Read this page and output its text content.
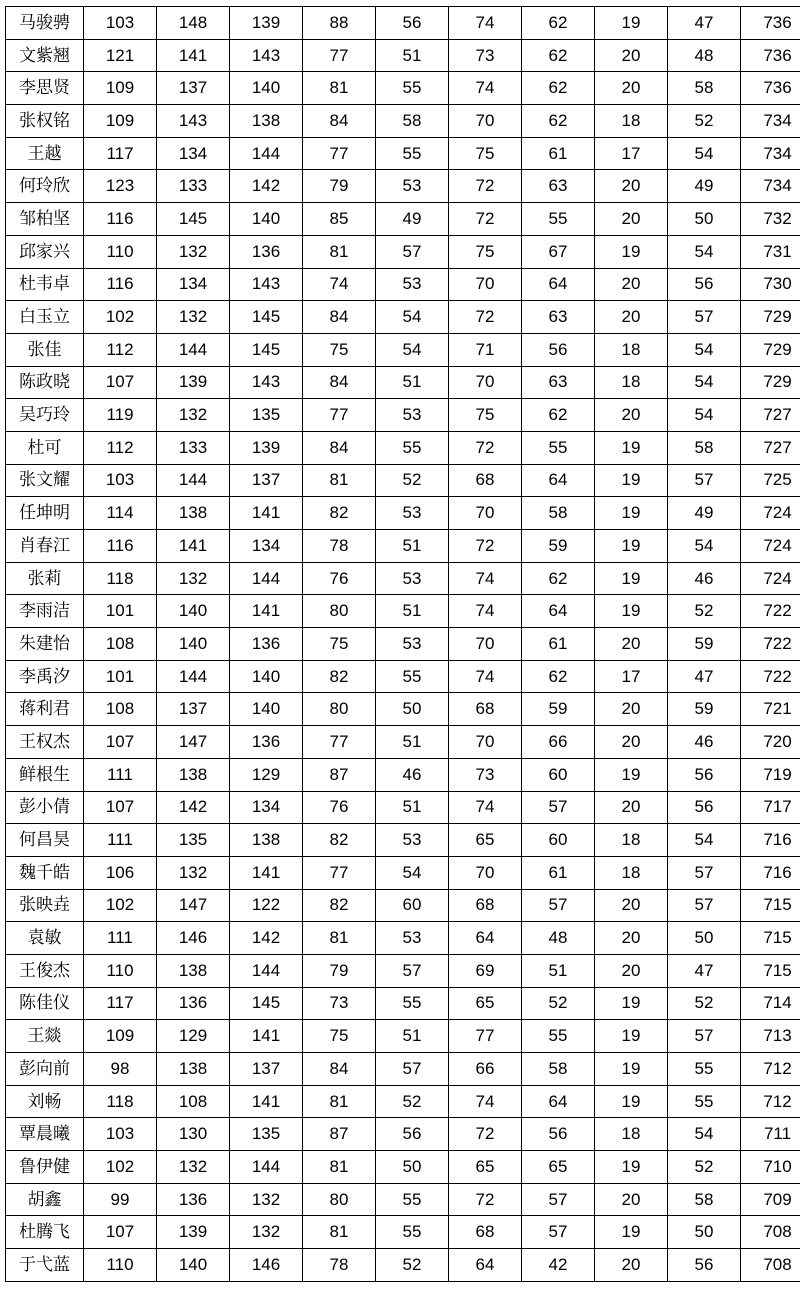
马骏骋	103	148	139	88	56	74	62	19	47	736
文紫翘	121	141	143	77	51	73	62	20	48	736
李思贤	109	137	140	81	55	74	62	20	58	736
张权铭	109	143	138	84	58	70	62	18	52	734
王越	117	134	144	77	55	75	61	17	54	734
何玲欣	123	133	142	79	53	72	63	20	49	734
邹柏坚	116	145	140	85	49	72	55	20	50	732
邱家兴	110	132	136	81	57	75	67	19	54	731
杜韦卓	116	134	143	74	53	70	64	20	56	730
白玉立	102	132	145	84	54	72	63	20	57	729
张佳	112	144	145	75	54	71	56	18	54	729
陈政晓	107	139	143	84	51	70	63	18	54	729
吴巧玲	119	132	135	77	53	75	62	20	54	727
杜可	112	133	139	84	55	72	55	19	58	727
张文耀	103	144	137	81	52	68	64	19	57	725
任坤明	114	138	141	82	53	70	58	19	49	724
肖春江	116	141	134	78	51	72	59	19	54	724
张莉	118	132	144	76	53	74	62	19	46	724
李雨洁	101	140	141	80	51	74	64	19	52	722
朱建怡	108	140	136	75	53	70	61	20	59	722
李禹汐	101	144	140	82	55	74	62	17	47	722
蒋利君	108	137	140	80	50	68	59	20	59	721
王权杰	107	147	136	77	51	70	66	20	46	720
鲜根生	111	138	129	87	46	73	60	19	56	719
彭小倩	107	142	134	76	51	74	57	20	56	717
何昌昊	111	135	138	82	53	65	60	18	54	716
魏千皓	106	132	141	77	54	70	61	18	57	716
张映垚	102	147	122	82	60	68	57	20	57	715
袁敏	111	146	142	81	53	64	48	20	50	715
王俊杰	110	138	144	79	57	69	51	20	47	715
陈佳仪	117	136	145	73	55	65	52	19	52	714
王燚	109	129	141	75	51	77	55	19	57	713
彭向前	98	138	137	84	57	66	58	19	55	712
刘畅	118	108	141	81	52	74	64	19	55	712
覃晨曦	103	130	135	87	56	72	56	18	54	711
鲁伊健	102	132	144	81	50	65	65	19	52	710
胡鑫	99	136	132	80	55	72	57	20	58	709
杜腾飞	107	139	132	81	55	68	57	19	50	708
于弋蓝	110	140	146	78	52	64	42	20	56	708
